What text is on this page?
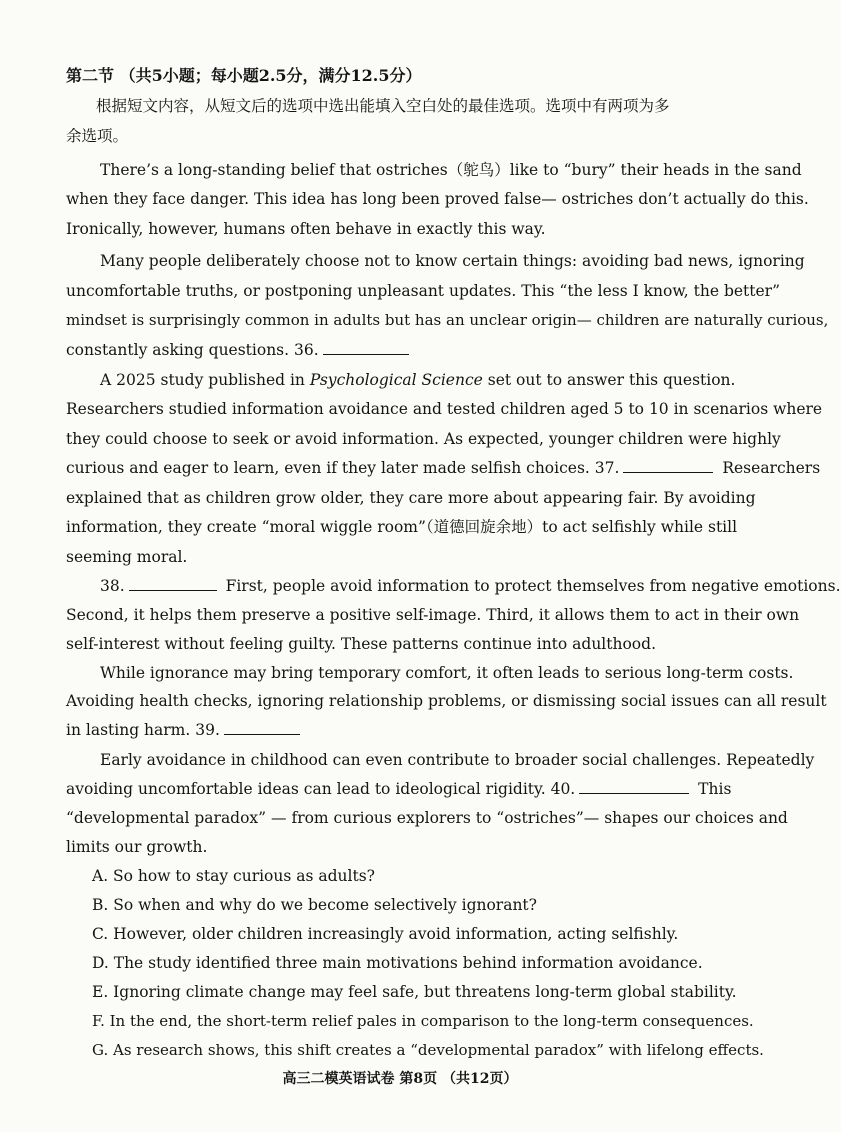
第二节 （共5小题；每小题2.5分，满分12.5分）
根据短文内容，从短文后的选项中选出能填入空白处的最佳选项。选项中有两项为多
余选项。
There’s a long-standing belief that ostriches（鸵鸟）like to “bury” their heads in the sand
when they face danger. This idea has long been proved false— ostriches don’t actually do this.
Ironically, however, humans often behave in exactly this way.
Many people deliberately choose not to know certain things: avoiding bad news, ignoring
uncomfortable truths, or postponing unpleasant updates. This “the less I know, the better”
mindset is surprisingly common in adults but has an unclear origin— children are naturally curious,
constantly asking questions. 36.
A 2025 study published in Psychological Science set out to answer this question.
Researchers studied information avoidance and tested children aged 5 to 10 in scenarios where
they could choose to seek or avoid information. As expected, younger children were highly
curious and eager to learn, even if they later made selfish choices. 37.	Researchers
explained that as children grow older, they care more about appearing fair. By avoiding
information, they create “moral wiggle room”（道德回旋余地）to act selfishly while still
seeming moral.
38.	First, people avoid information to protect themselves from negative emotions.
Second, it helps them preserve a positive self-image. Third, it allows them to act in their own
self-interest without feeling guilty. These patterns continue into adulthood.
While ignorance may bring temporary comfort, it often leads to serious long-term costs.
Avoiding health checks, ignoring relationship problems, or dismissing social issues can all result
in lasting harm. 39.
Early avoidance in childhood can even contribute to broader social challenges. Repeatedly
avoiding uncomfortable ideas can lead to ideological rigidity. 40.	This
“developmental paradox” — from curious explorers to “ostriches”— shapes our choices and
limits our growth.
A. So how to stay curious as adults?
B. So when and why do we become selectively ignorant?
C. However, older children increasingly avoid information, acting selfishly.
D. The study identified three main motivations behind information avoidance.
E. Ignoring climate change may feel safe, but threatens long-term global stability.
F. In the end, the short-term relief pales in comparison to the long-term consequences.
G. As research shows, this shift creates a “developmental paradox” with lifelong effects.
高三二模英语试卷 第8页 （共12页）
